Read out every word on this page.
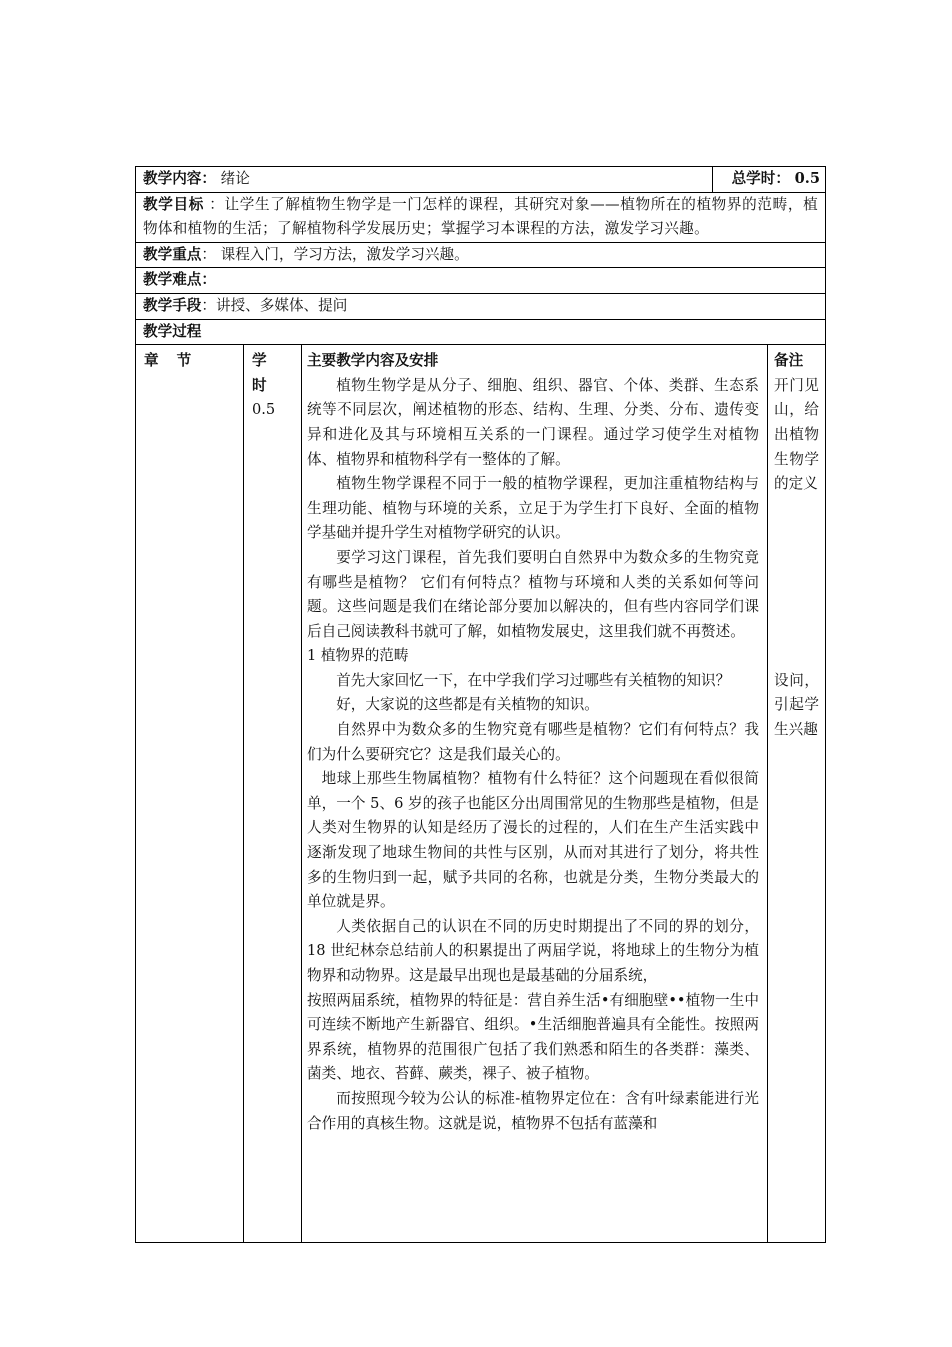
教学内容： 绪论	总学时： 0.5
教学目标 ：让学生了解植物生物学是一门怎样的课程，其研究对象——植物所在的植物界的范畴，植物体和植物的生活；了解植物科学发展历史；掌握学习本课程的方法，激发学习兴趣。
教学重点： 课程入门，学习方法，激发学习兴趣。
教学难点：
教学手段：讲授、多媒体、提问
教学过程
章节	学时
0.5
主要教学内容及安排

植物生物学是从分子、细胞、组织、器官、个体、类群、生态系统等不同层次，阐述植物的形态、结构、生理、分类、分布、遗传变异和进化及其与环境相互关系的一门课程。通过学习使学生对植物体、植物界和植物科学有一整体的了解。

植物生物学课程不同于一般的植物学课程，更加注重植物结构与生理功能、植物与环境的关系，立足于为学生打下良好、全面的植物学基础并提升学生对植物学研究的认识。

要学习这门课程，首先我们要明白自然界中为数众多的生物究竟有哪些是植物？ 它们有何特点？植物与环境和人类的关系如何等问题。这些问题是我们在绪论部分要加以解决的，但有些内容同学们课后自己阅读教科书就可了解，如植物发展史，这里我们就不再赘述。

1 植物界的范畴

首先大家回忆一下，在中学我们学习过哪些有关植物的知识？

好，大家说的这些都是有关植物的知识。

自然界中为数众多的生物究竟有哪些是植物？它们有何特点？我们为什么要研究它？这是我们最关心的。

地球上那些生物属植物？植物有什么特征？这个问题现在看似很简单，一个 5、6 岁的孩子也能区分出周围常见的生物那些是植物，但是人类对生物界的认知是经历了漫长的过程的，人们在生产生活实践中逐渐发现了地球生物间的共性与区别，从而对其进行了划分，将共性多的生物归到一起，赋予共同的名称，也就是分类，生物分类最大的单位就是界。

人类依据自己的认识在不同的历史时期提出了不同的界的划分，18 世纪林奈总结前人的积累提出了两届学说，将地球上的生物分为植物界和动物界。这是最早出现也是最基础的分届系统，

按照两届系统，植物界的特征是：营自养生活•有细胞壁••植物一生中可连续不断地产生新器官、组织。•生活细胞普遍具有全能性。按照两界系统，植物界的范围很广包括了我们熟悉和陌生的各类群：藻类、菌类、地衣、苔藓、蕨类，裸子、被子植物。

而按照现今较为公认的标准-植物界定位在：含有叶绿素能进行光合作用的真核生物。这就是说，植物界不包括有蓝藻和

备注
开门见山，给出植物生物学的定义
设问，引起学生兴趣
